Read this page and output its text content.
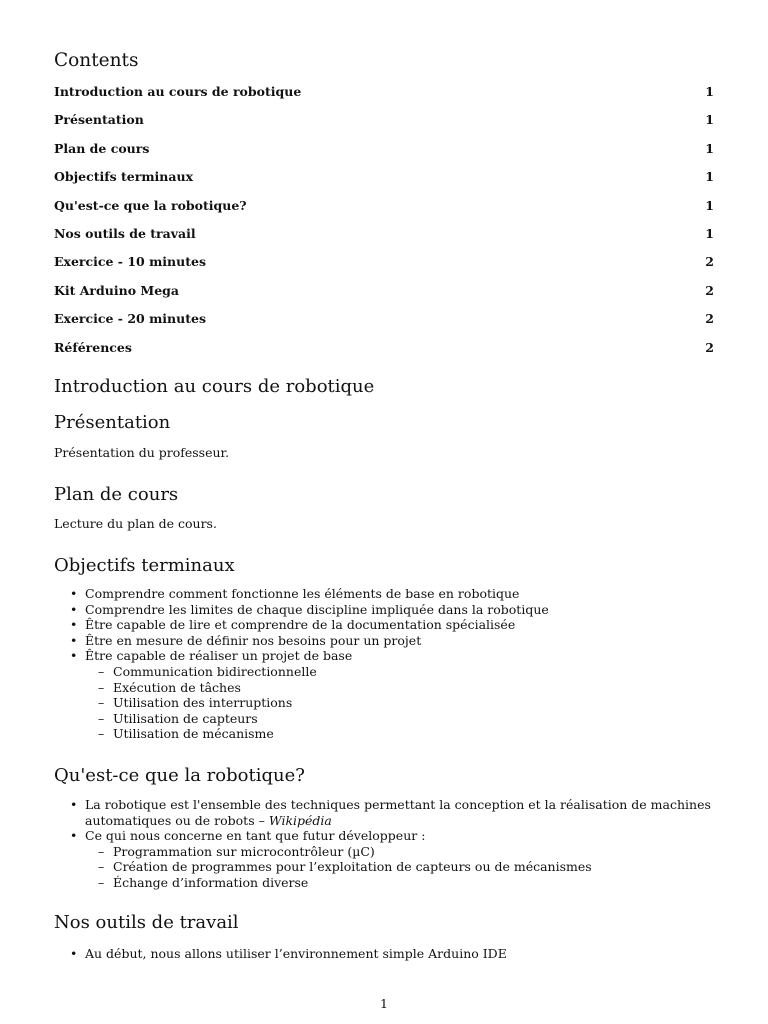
Contents
Introduction au cours de robotique	1
Présentation	1
Plan de cours	1
Objectifs terminaux	1
Qu'est-ce que la robotique?	1
Nos outils de travail	1
Exercice - 10 minutes	2
Kit Arduino Mega	2
Exercice - 20 minutes	2
Références	2
Introduction au cours de robotique
Présentation

Présentation du professeur.

Plan de cours

Lecture du plan de cours.

Objectifs terminaux
• Comprendre comment fonctionne les éléments de base en robotique
• Comprendre les limites de chaque discipline impliquée dans la robotique
• Être capable de lire et comprendre de la documentation spécialisée
• Être en mesure de définir nos besoins pour un projet
• Être capable de réaliser un projet de base
– Communication bidirectionnelle
– Exécution de tâches
– Utilisation des interruptions
– Utilisation de capteurs
– Utilisation de mécanisme
Qu'est-ce que la robotique?
• La robotique est l'ensemble des techniques permettant la conception et la réalisation de machines automatiques ou de robots – Wikipédia
• Ce qui nous concerne en tant que futur développeur :
– Programmation sur microcontrôleur (µC)
– Création de programmes pour l’exploitation de capteurs ou de mécanismes
– Échange d’information diverse
Nos outils de travail
• Au début, nous allons utiliser l’environnement simple Arduino IDE
1
